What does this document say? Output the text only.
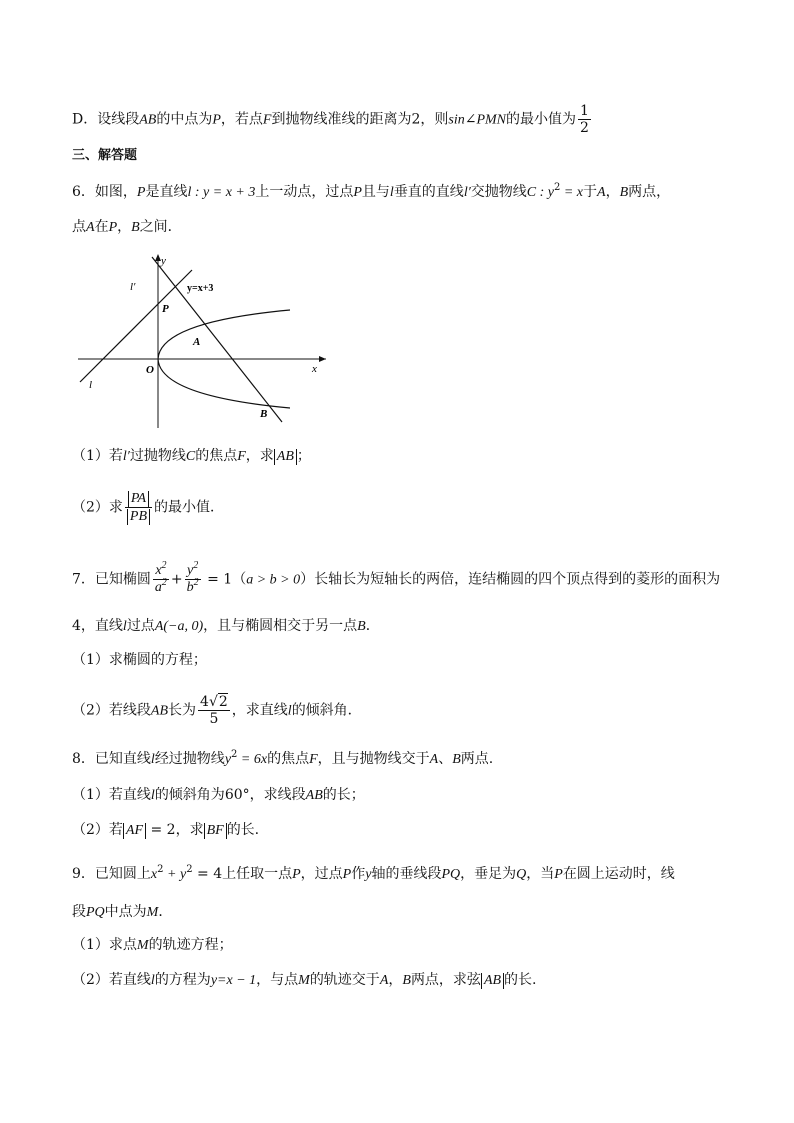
D．设线段AB的中点为P，若点F到抛物线准线的距离为2，则sin∠PMN的最小值为 $\frac{1}{2}$
三、解答题
6．如图，P是直线l : y = x + 3上一动点，过点P且与l垂直的直线l′交抛物线C : $y^2 = x$于A，B两点，
点A在P，B之间．
y
x
O
P
A
B
l
l′	y=x+3
（1）若l′过抛物线C的焦点F，求 AB ；
（2）求 $\frac{PA}{PB}$ 的最小值．
7．已知椭圆 $\frac{x^2}{a^2} + \frac{y^2}{b^2} = 1(a > b > 0)$长轴长为短轴长的两倍，连结椭圆的四个顶点得到的菱形的面积为
4，直线l过点A(−a, 0)，且与椭圆相交于另一点B．
（1）求椭圆的方程；
（2）若线段AB长为 $\frac{4√2}{5}$ ，求直线l的倾斜角．
8．已知直线l经过抛物线$y^2 = 6x$的焦点F，且与抛物线交于A、B两点.
（1）若直线l的倾斜角为60°，求线段AB的长；
（2）若 AF = 2，求 BF 的长.
9．已知圆上$x^2 + y^2 = 4$上任取一点P，过点P作y轴的垂线段PQ，垂足为Q，当P在圆上运动时，线
段PQ中点为M．
（1）求点M的轨迹方程；
（2）若直线l的方程为y=x − 1，与点M的轨迹交于A，B两点，求弦 AB 的长.
